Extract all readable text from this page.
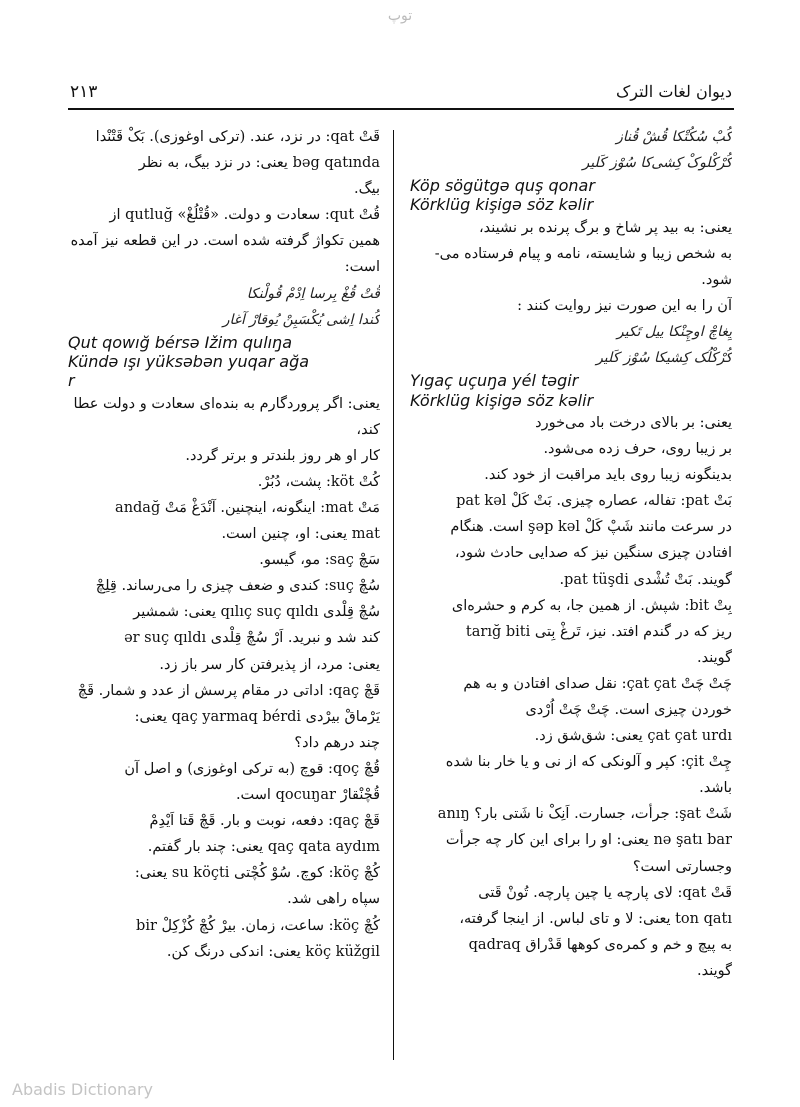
توپ
۲۱۳	دیوان لغات الترک
کُبْ سُکُتْکا قُشْ قُناز
کُرْکْلوکْ کِشی‌کا سُوْز کَلیر
Köp sögütgə quş qonar
Körklüg kişigə söz kəlir
یعنی: به بید پر شاخ و برگ پرنده بر نشیند،
به شخص زیبا و شایسته، نامه و پیام فرستاده می-
شود.
آن را به این صورت نیز روایت کنند :
یِغاچْ اوچِنْکا ییل تَکیر
کُرْکْلُک کِشیکا سُوْز کَلیر
Yıgaç uçuŋa yél təgir
Körklüg kişigə söz kəlir
یعنی: بر بالای درخت باد می‌خورد
بر زیبا روی، حرف زده می‌شود.
بدینگونه زیبا روی باید مراقبت از خود کند.
بَتْ pat: تفاله، عصاره چیزی. بَتْ کَلْ pat kəl
در سرعت مانند شَپْ کَلْ şəp kəl است. هنگام
افتادن چیزی سنگین نیز که صدایی حادث شود،
گویند. بَتْ تُشْدی pat tüşdi.
بِتْ bit: شپش. از همین جا، به کرم و حشره‌ای
ریز که در گندم افتد. نیز، تَرغْ بِتی tarığ biti
گویند.
چَتْ چَتْ çat çat: نقل صدای افتادن و به هم
خوردن چیزی است. چَتْ چَتْ اُرْدی
çat çat urdı یعنی: شق‌شق زد.
چِتْ çit: کپر و آلونکی که از نی و یا خار بنا شده
باشد.
شَتْ şat: جرأت، جسارت. اَنِکْ نا شَتی بار؟ anıŋ
nə şatı bar یعنی: او را برای این کار چه جرأت
وجسارتی است؟
قَتْ qat: لای پارچه یا چین پارچه. تُونْ قَتی
ton qatı یعنی: لا و تای لباس. از اینجا گرفته،
به پیچ و خم و کمره‌ی کوهها قَدْراق qadraq
گویند.
قَتْ qat: در نزد، عند. (ترکی اوغوزی). بَکْ قَتْنْدا
bəg qatında یعنی: در نزد بیگ، به نظر
بیگ.
قُتْ qut: سعادت و دولت. «قُتْلُغْ» qutluğ از
همین تکواژ گرفته شده است. در این قطعه نیز آمده
است:
قُتْ قُغْ بِرسا اِدْمْ قُولْنکا
کُندا اِشی یُکْسَبِنْ یُوقارْ آغار
Qut qowığ bérsə Ižim qulıŋa
Kündə ışı yüksəbən yuqar ağa
r
یعنی: اگر پروردگارم به بنده‌ای سعادت و دولت عطا
کند،
کار او هر روز بلندتر و برتر گردد.
کُتْ köt: پشت، دُبُرْ.
مَتْ mat: اینگونه، اینچنین. آنْدَغْ مَتْ andağ
mat یعنی: او، چنین است.
سَچْ saç: مو، گیسو.
سُچْ suç: کندی و ضعف چیزی را می‌رساند. قِلِچْ
سُچْ قِلْدی qılıç suç qıldı یعنی: شمشیر
کند شد و نبرید. اَرْ سُچْ قِلْدی ər suç qıldı
یعنی: مرد، از پذیرفتن کار سر باز زد.
قَچْ qaç: اداتی در مقام پرسش از عدد و شمار. قَچْ
یَرْماقْ بیرْدی qaç yarmaq bérdi یعنی:
چند درهم داد؟
قُچْ qoç: قوچ (به ترکی اوغوزی) و اصل آن
قُچْنْقارْ qocuŋar است.
قَچْ qaç: دفعه، نوبت و بار. قَچْ قَتا اَیْدِمْ
qaç qata aydım یعنی: چند بار گفتم.
کُچْ köç: کوچ. سُوْ کُچْتی su köçti یعنی:
سپاه راهی شد.
کُچْ köç: ساعت، زمان. بیرْ کُچْ کُزْکِلْ bir
köç küžgil یعنی: اندکی درنگ کن.
Abadis Dictionary
